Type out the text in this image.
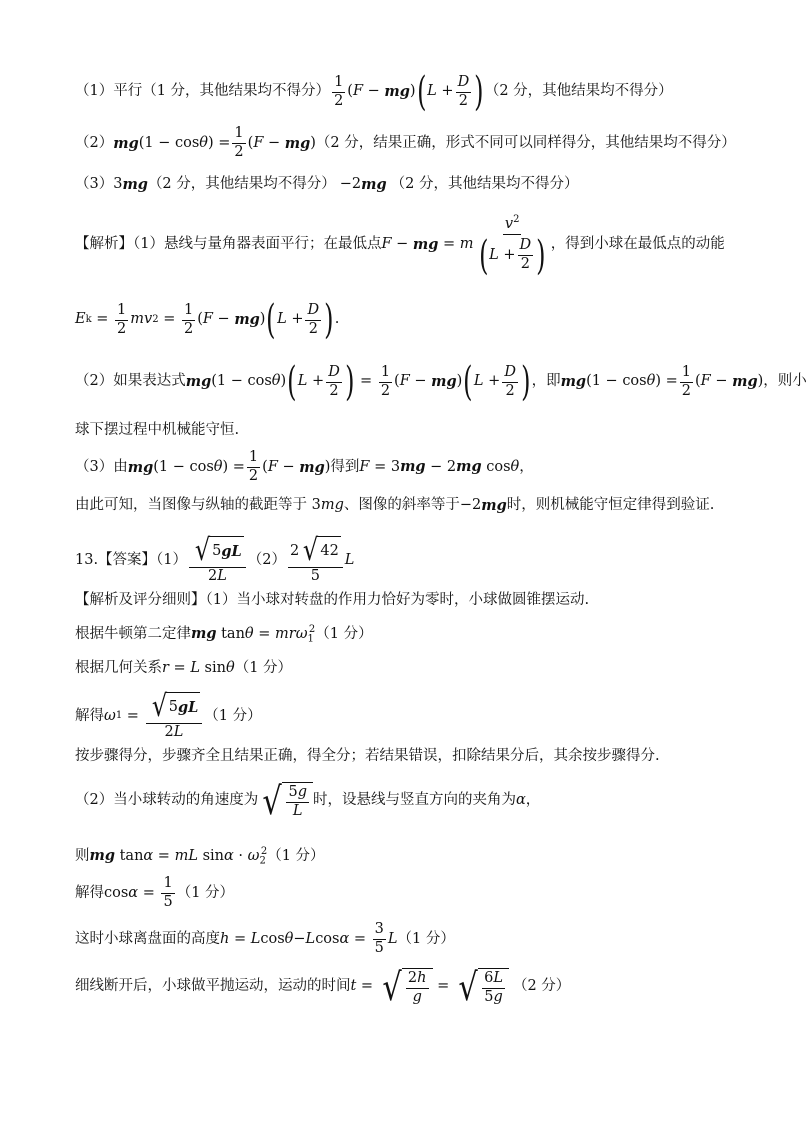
（1）平行（1 分，其他结果均不得分） $\frac{1}{2}$ ( F − mg ) ( $L + \frac{D}{2}$ ) （2 分，其他结果均不得分）
（2） mg (1 − cos θ ) = $\frac{1}{2}$ ( F − mg ) （2 分，结果正确，形式不同可以同样得分，其他结果均不得分）
（3）3 mg （2 分，其他结果均不得分） −2 mg （2 分，其他结果均不得分）
【解析】（1）悬线与量角器表面平行；在最低点 F − mg = m $\frac{v^2}{( L + \frac{D}{2} )}$ ，得到小球在最低点的动能
E $k = \frac{1}{2}$ mv $2 = \frac{1}{2}$ ( F − mg ) ( $L + \frac{D}{2}$ ) .
（2）如果表达式 mg (1 − cos θ ) ( $L + \frac{D}{2}$ ) = $\frac{1}{2}$ ( F − mg ) ( $L + \frac{D}{2}$ ) ，即 mg (1 − cos θ ) = $\frac{1}{2}$ ( F − mg ) ，则小
球下摆过程中机械能守恒.
（3）由 mg (1 − cos θ ) = $\frac{1}{2}$ ( F − mg ) 得到 F = 3mg − 2mg cosθ ，
由此可知，当图像与纵轴的截距等于 3 mg 、图像的斜率等于 −2 mg 时，则机械能守恒定律得到验证.
13.【答案】$(1) \frac{√ 5 gL}{2L} (2) \frac{2 √ 42}{5}$ L
【解析及评分细则】（1）当小球对转盘的作用力恰好为零时，小球做圆锥摆运动.
根据牛顿第二定律 mg tanθ = mrω$_1^2$ （1 分）
根据几何关系 r = L sinθ （1 分）
解得 ω $1 = \frac{√ 5 gL}{2L} (1$ 分）
按步骤得分，步骤齐全且结果正确，得全分；若结果错误，扣除结果分后，其余按步骤得分.
（2）当小球转动的角速度为 √ $\frac{5g}{L}$ 时，设悬线与竖直方向的夹角为 α ，
则 mg tanα = mL $\sin\alpha \cdot \omega_2^2$ （1 分）
解得 $\cos \alpha = \frac{1}{5} (1$ 分）
这时小球离盘面的高度 h = L cos θ − L $\cos \alpha = \frac{3}{5}$ L （1 分）
细线断开后，小球做平抛运动，运动的时间 t = √ $\frac{2h}{g}$ = √ $\frac{6L}{5g} (2$ 分）
